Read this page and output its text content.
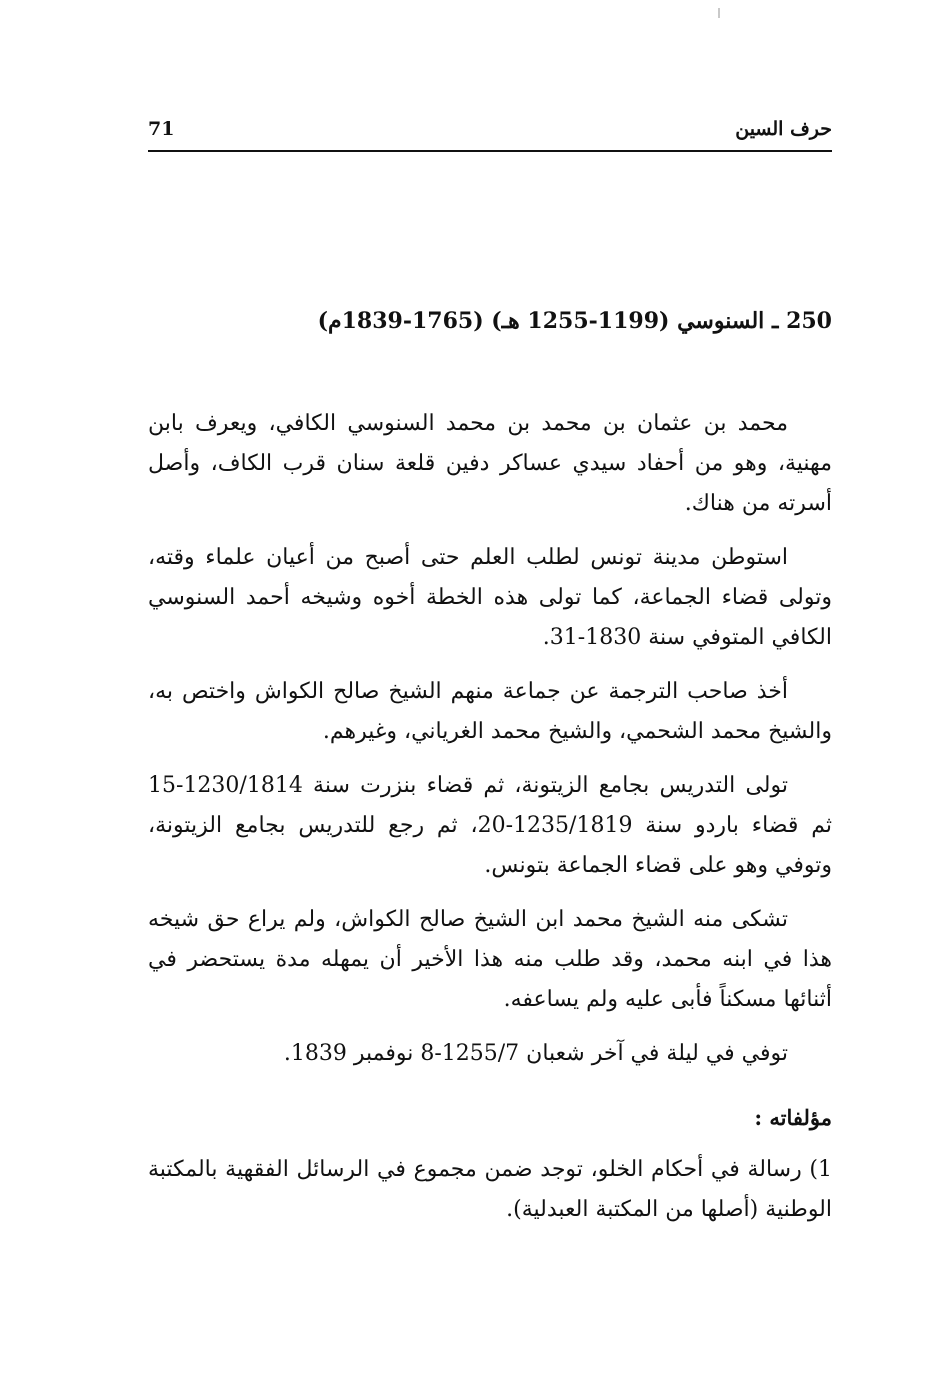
حرف السين
71
250 ـ السنوسي (1199-1255 هـ) (1765-1839م)

محمد بن عثمان بن محمد بن محمد السنوسي الكافي، ويعرف بابن مهنية، وهو من أحفاد سيدي عساكر دفين قلعة سنان قرب الكاف، وأصل أسرته من هناك.

استوطن مدينة تونس لطلب العلم حتى أصبح من أعيان علماء وقته، وتولى قضاء الجماعة، كما تولى هذه الخطة أخوه وشيخه أحمد السنوسي الكافي المتوفي سنة 1830-31.

أخذ صاحب الترجمة عن جماعة منهم الشيخ صالح الكواش واختص به، والشيخ محمد الشحمي، والشيخ محمد الغرياني، وغيرهم.

تولى التدريس بجامع الزيتونة، ثم قضاء بنزرت سنة 1230/1814-15 ثم قضاء باردو سنة 1235/1819-20، ثم رجع للتدريس بجامع الزيتونة، وتوفي وهو على قضاء الجماعة بتونس.

تشكى منه الشيخ محمد ابن الشيخ صالح الكواش، ولم يراع حق شيخه هذا في ابنه محمد، وقد طلب منه هذا الأخير أن يمهله مدة يستحضر في أثنائها مسكناً فأبى عليه ولم يساعفه.

توفي في ليلة في آخر شعبان 1255/7-8 نوفمبر 1839.

مؤلفاته :

1) رسالة في أحكام الخلو، توجد ضمن مجموع في الرسائل الفقهية بالمكتبة الوطنية (أصلها من المكتبة العبدلية).
